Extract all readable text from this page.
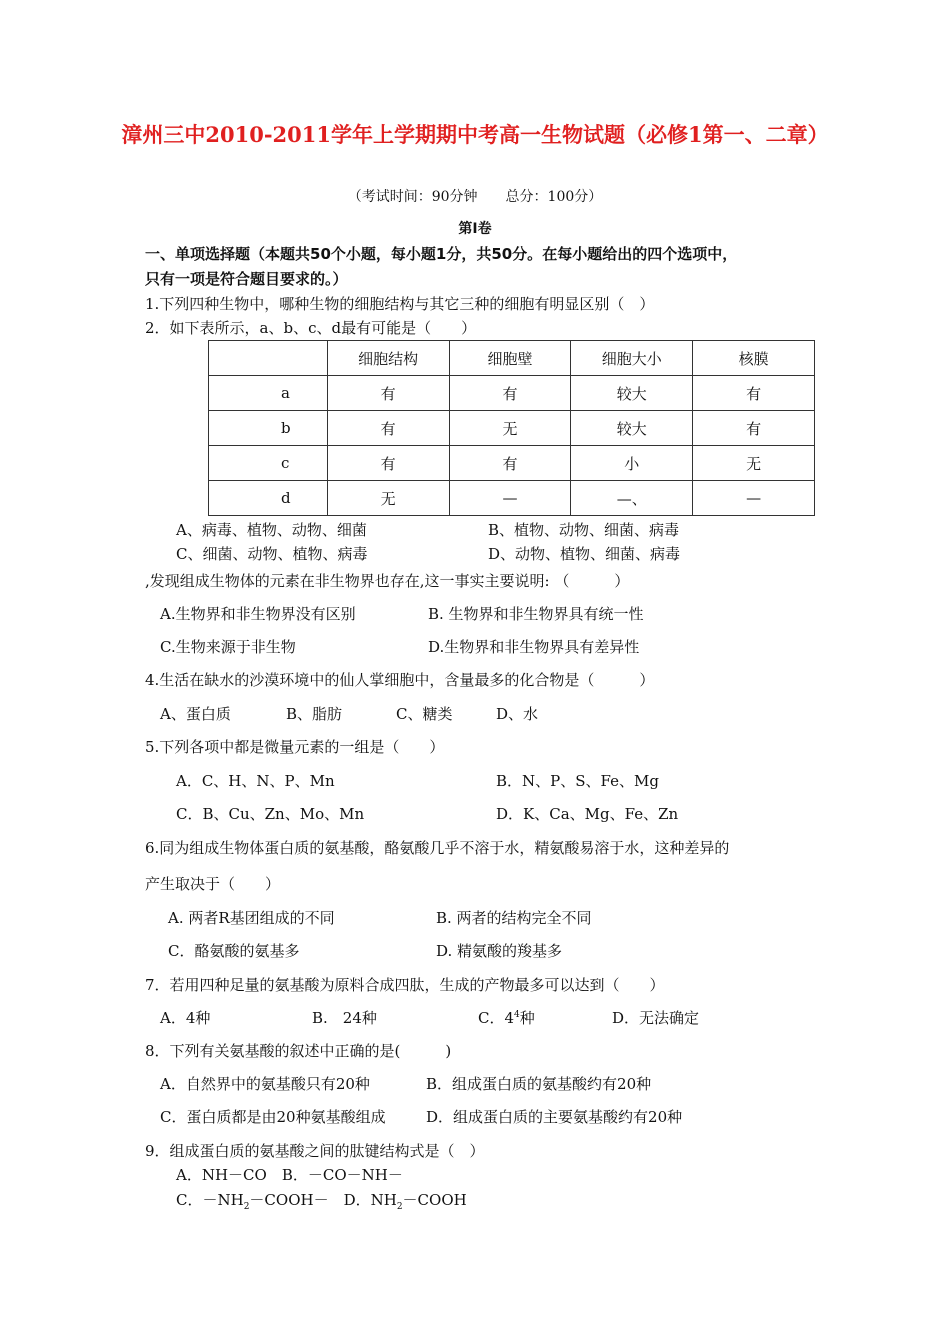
漳州三中2010-2011学年上学期期中考高一生物试题（必修1第一、二章）
（考试时间：90分钟　　总分：100分）
第Ⅰ卷
一、单项选择题（本题共50个小题，每小题1分，共50分。在每小题给出的四个选项中，
只有一项是符合题目要求的。）
1.下列四种生物中，哪种生物的细胞结构与其它三种的细胞有明显区别（　）
2．如下表所示，a、b、c、d最有可能是（　　）
	细胞结构	细胞壁	细胞大小	核膜
a	有	有	较大	有
b	有	无	较大	有
c	有	有	小	无
d	无	—	—、	—
A、病毒、植物、动物、细菌	B、植物、动物、细菌、病毒
C、细菌、动物、植物、病毒	D、动物、植物、细菌、病毒
,发现组成生物体的元素在非生物界也存在,这一事实主要说明: （　　　）
A.生物界和非生物界没有区别	B. 生物界和非生物界具有统一性
C.生物来源于非生物	D.生物界和非生物界具有差异性
4.生活在缺水的沙漠环境中的仙人掌细胞中，含量最多的化合物是（　　　）
A、蛋白质	B、脂肪	C、糖类	D、水
5.下列各项中都是微量元素的一组是（　　）
A．C、H、N、P、Mn	B．N、P、S、Fe、Mg
C．B、Cu、Zn、Mo、Mn	D．K、Ca、Mg、Fe、Zn
6.同为组成生物体蛋白质的氨基酸，酪氨酸几乎不溶于水，精氨酸易溶于水，这种差异的
产生取决于（　　）
A. 两者R基团组成的不同	B. 两者的结构完全不同
C．酪氨酸的氨基多	D. 精氨酸的羧基多
7．若用四种足量的氨基酸为原料合成四肽，生成的产物最多可以达到（　　）
A．4种	B.　24种	C．$4^4$种	D．无法确定
8．下列有关氨基酸的叙述中正确的是(　　　)
A．自然界中的氨基酸只有20种	B．组成蛋白质的氨基酸约有20种
C．蛋白质都是由20种氨基酸组成	D．组成蛋白质的主要氨基酸约有20种
9．组成蛋白质的氨基酸之间的肽键结构式是（　）
A．NH－CO　B．－CO－NH－
C．$-NH_2-COOH-$　D．$NH_2-COOH$
